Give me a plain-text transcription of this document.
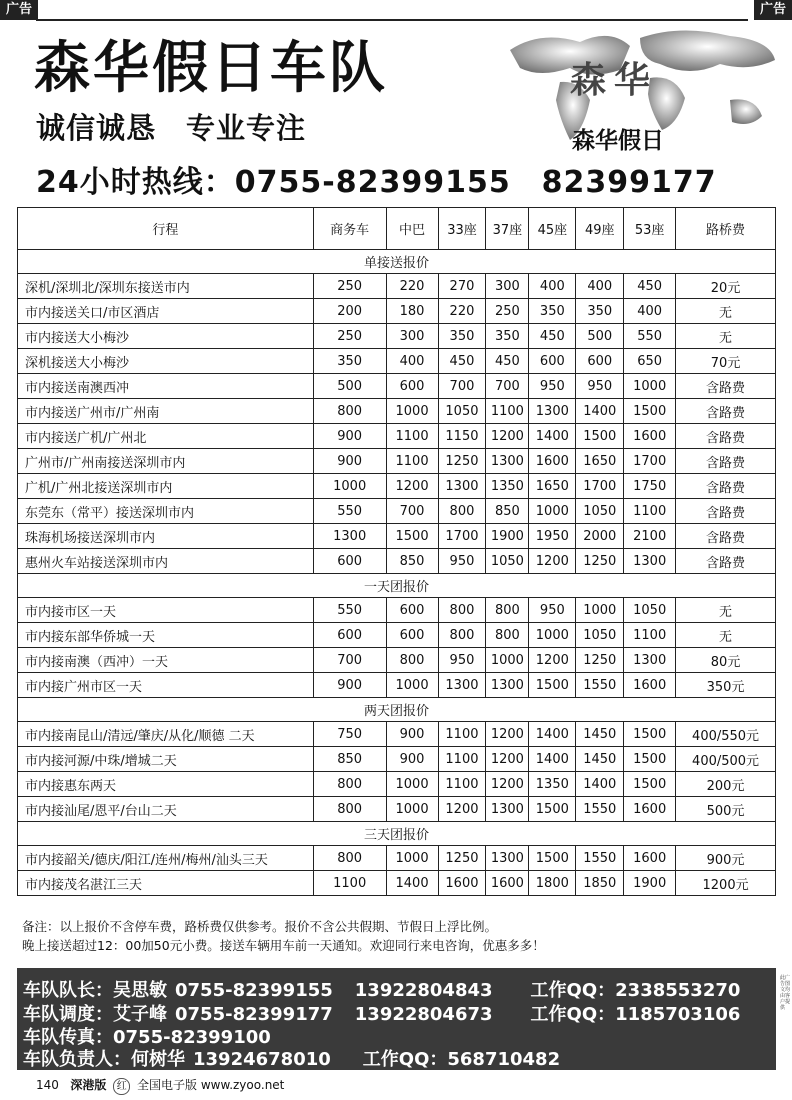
广告	广告
森华假日车队
诚信诚恳　专业专注
24小时热线：0755-82399155　82399177
森华
森华假日
行程	商务车	中巴	33座	37座	45座	49座	53座	路桥费
单接送报价								
深机/深圳北/深圳东接送市内	250	220	270	300	400	400	450	20元
市内接送关口/市区酒店	200	180	220	250	350	350	400	无
市内接送大小梅沙	250	300	350	350	450	500	550	无
深机接送大小梅沙	350	400	450	450	600	600	650	70元
市内接送南澳西冲	500	600	700	700	950	950	1000	含路费
市内接送广州市/广州南	800	1000	1050	1100	1300	1400	1500	含路费
市内接送广机/广州北	900	1100	1150	1200	1400	1500	1600	含路费
广州市/广州南接送深圳市内	900	1100	1250	1300	1600	1650	1700	含路费
广机/广州北接送深圳市内	1000	1200	1300	1350	1650	1700	1750	含路费
东莞东（常平）接送深圳市内	550	700	800	850	1000	1050	1100	含路费
珠海机场接送深圳市内	1300	1500	1700	1900	1950	2000	2100	含路费
惠州火车站接送深圳市内	600	850	950	1050	1200	1250	1300	含路费
一天团报价								
市内接市区一天	550	600	800	800	950	1000	1050	无
市内接东部华侨城一天	600	600	800	800	1000	1050	1100	无
市内接南澳（西冲）一天	700	800	950	1000	1200	1250	1300	80元
市内接广州市区一天	900	1000	1300	1300	1500	1550	1600	350元
两天团报价								
市内接南昆山/清远/肇庆/从化/顺德 二天	750	900	1100	1200	1400	1450	1500	400/550元
市内接河源/中珠/增城二天	850	900	1100	1200	1400	1450	1500	400/500元
市内接惠东两天	800	1000	1100	1200	1350	1400	1500	200元
市内接汕尾/恩平/台山二天	800	1000	1200	1300	1500	1550	1600	500元
三天团报价								
市内接韶关/德庆/阳江/连州/梅州/汕头三天	800	1000	1250	1300	1500	1550	1600	900元
市内接茂名湛江三天	1100	1400	1600	1600	1800	1850	1900	1200元
备注：以上报价不含停车费，路桥费仅供参考。报价不含公共假期、节假日上浮比例。
晚上接送超过12：00加50元小费。接送车辆用车前一天通知。欢迎同行来电咨询，优惠多多！
车队队长：吴思敏 0755-82399155 13922804843 工作QQ：2338553270
车队调度：艾子峰 0755-82399177 13922804673 工作QQ：1185703106
车队传真：0755-82399100
车队负责人：何树华 13924678010 工作QQ：568710482
此广告图文均由客户提供
140 深港版 红 全国电子版 www.zyoo.net
